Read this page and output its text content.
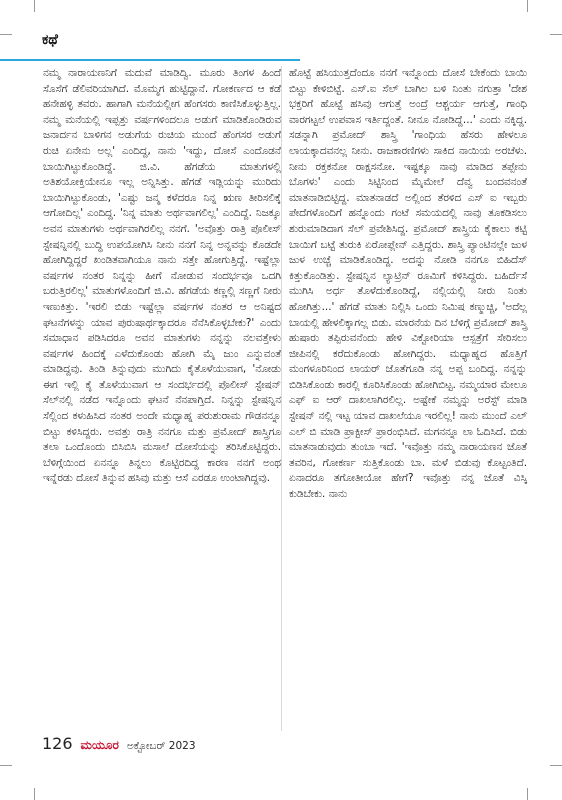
ಕಥೆ

ನಮ್ಮ ನಾರಾಯಣನಿಗೆ ಮದುವೆ ಮಾಡಿದ್ವಿ. ಮೂರು ತಿಂಗಳ ಹಿಂದೆ ಸೊಸೆಗೆ ಡೆಲಿವರಿಯಾಗಿದೆ. ಮೊಮ್ಮಗ ಹುಟ್ಟಿದ್ದಾನೆ. ಗೋಕರ್ಣದ ಆ ಕಡೆ ಹನೇಹಳ್ಳಿ ತವರು. ಹಾಗಾಗಿ ಮನೆಯಲ್ಲೀಗ ಹೆಂಗಸರು ಕಾಣಿಸಿಕೊಳ್ಳುತ್ತಿಲ್ಲ. ನಮ್ಮ ಮನೆಯಲ್ಲಿ ಇಪ್ಪತ್ತು ವರ್ಷಗಳಿಂದಲೂ ಅಡುಗೆ ಮಾಡಿಕೊಂಡಿರುವ ಜನಾರ್ದನ ಬಾಳಿಗನ ಅಡುಗೆಯ ರುಚಿಯ ಮುಂದೆ ಹೆಂಗಸರ ಅಡುಗೆ ರುಚಿ ಏನೇನು ಅಲ್ಲ' ಎಂದಿದ್ದ, ನಾನು 'ಇದ್ದು, ದೋಸೆ ಎಂದೊಡನೆ ಬಾಯಿಗಿಟ್ಟುಕೊಂಡಿದ್ದೆ. ಜಿ.ವಿ. ಹೆಗಡೆಯ ಮಾತುಗಳಲ್ಲಿ ಅತಿಶಯೋಕ್ತಿಯೇನೂ ಇಲ್ಲ ಅನ್ನಿಸಿತ್ತು. ಹೆಗಡೆ ಇಡ್ಲಿಯನ್ನು ಮುರಿದು ಬಾಯಿಗಿಟ್ಟುಕೊಂಡು, 'ಎಷ್ಟು ಜನ್ಮ ಕಳೆದರೂ ನಿನ್ನ ಋಣ ತೀರಿಸಲಿಕ್ಕೆ ಆಗೋದಿಲ್ಲ' ಎಂದಿದ್ದ. 'ನಿನ್ನ ಮಾತು ಅರ್ಥವಾಗಲಿಲ್ಲ' ಎಂದಿದ್ದೆ. ನಿಜಕ್ಕೂ ಅವನ ಮಾತುಗಳು ಅರ್ಥವಾಗಿರಲಿಲ್ಲ ನನಗೆ. 'ಅವೊತ್ತು ರಾತ್ರಿ ಪೊಲೀಸ್ ಸ್ಟೇಷನ್ನಿನಲ್ಲಿ ಬುದ್ಧಿ ಉಪಯೋಗಿಸಿ ನೀನು ನನಗೆ ನಿನ್ನ ಅನ್ನವನ್ನು ಕೊಡದೇ ಹೋಗಿದ್ದಿದ್ದರೆ ಖಂಡಿತವಾಗಿಯೂ ನಾನು ಸತ್ತೇ ಹೋಗುತ್ತಿದ್ದೆ. ಇಷ್ಟೆಲ್ಲಾ ವರ್ಷಗಳ ನಂತರ ನಿನ್ನನ್ನು ಹೀಗೆ ನೋಡುವ ಸಂದರ್ಭವೂ ಒದಗಿ ಬರುತ್ತಿರಲಿಲ್ಲ' ಮಾತುಗಳೊಂದಿಗೆ ಜಿ.ವಿ. ಹೆಗಡೆಯ ಕಣ್ಣಲ್ಲಿ ಸಣ್ಣಗೆ ನೀರು ಇಣುಕಿತ್ತು. 'ಇರಲಿ ಬಿಡು ಇಷ್ಟೆಲ್ಲಾ ವರ್ಷಗಳ ನಂತರ ಆ ಅನಿಷ್ಟದ ಘಟನೆಗಳನ್ನು ಯಾವ ಪುರುಷಾರ್ಥಕ್ಕಾದರೂ ನೆನೆಸಿಕೊಳ್ಳಬೇಕು?' ಎಂದು ಸಮಾಧಾನ ಪಡಿಸಿದರೂ ಅವನ ಮಾತುಗಳು ನನ್ನನ್ನು ನಲವತ್ತೇಳು ವರ್ಷಗಳ ಹಿಂದಕ್ಕೆ ಎಳೆದುಕೊಂಡು ಹೋಗಿ ಮೈ ಜುಂ ಎನ್ನುವಂತೆ ಮಾಡಿದ್ದವು. ತಿಂಡಿ ತಿನ್ನುವುದು ಮುಗಿದು ಕೈತೊಳೆಯುವಾಗ, 'ನೋಡು ಈಗ ಇಲ್ಲಿ ಕೈ ತೊಳೆಯುವಾಗ ಆ ಸಂದರ್ಭದಲ್ಲಿ ಪೊಲೀಸ್ ಸ್ಟೇಷನ್ ಸೆಲ್‌ನಲ್ಲಿ ನಡೆದ ಇನ್ನೊಂದು ಘಟನೆ ನೆನಪಾಗ್ತಿದೆ. ನಿನ್ನನ್ನು ಸ್ಟೇಷನ್ನಿನ ಸೆಲ್ಲಿಂದ ಕಳುಹಿಸಿದ ನಂತರ ಅಂದೇ ಮಧ್ಯಾಹ್ನ ಪರುಶುರಾಮ ಗೌಡನನ್ನೂ ಬಿಟ್ಟು ಕಳಿಸಿದ್ದರು. ಅವತ್ತು ರಾತ್ರಿ ನನಗೂ ಮತ್ತು ಪ್ರಮೋದ್ ಶಾಸ್ತ್ರಿಗೂ ತಲಾ ಒಂದೊಂದು ಬಿಸಿಬಿಸಿ ಮಸಾಲೆ ದೋಸೆಯನ್ನು ತರಿಸಿಕೊಟ್ಟಿದ್ದರು. ಬೆಳಿಗ್ಗೆಯಿಂದ ಏನನ್ನೂ ತಿನ್ನಲು ಕೊಟ್ಟಿರದಿದ್ದ ಕಾರಣ ನನಗೆ ಅಂಥ ಇನ್ನೆರಡು ದೋಸೆ ತಿನ್ನುವ ಹಸಿವು ಮತ್ತು ಆಸೆ ಎರಡೂ ಉಂಟಾಗಿದ್ದವು.

ಹೊಟ್ಟೆ ಹಸಿಯುತ್ತದೆಂದೂ ನನಗೆ ಇನ್ನೊಂದು ದೋಸೆ ಬೇಕೆಂದು ಬಾಯಿ ಬಿಟ್ಟು ಕೇಳಿಬಿಟ್ಟೆ. ಎಸ್.ಐ ಸೆಲ್ ಬಾಗಿಲ ಬಳಿ ನಿಂತು ನಗುತ್ತಾ 'ದೇಶ ಭಕ್ತರಿಗೆ ಹೊಟ್ಟೆ ಹಸಿವು ಆಗುತ್ತೆ ಅಂದ್ರೆ ಆಶ್ಚರ್ಯ ಆಗುತ್ತೆ, ಗಾಂಧಿ ವಾರಗಟ್ಟಲೆ ಉಪವಾಸ ಇರ್ತಿದ್ದಂತೆ. ನೀನೂ ನೋಡಿದ್ದೆ...' ಎಂದು ನಕ್ಕಿದ್ದ. ಸಡನ್ನಾಗಿ ಪ್ರಮೋದ್ ಶಾಸ್ತ್ರಿ 'ಗಾಂಧಿಯ ಹೆಸರು ಹೇಳಲೂ ಲಾಯಕ್ಕಾದವನಲ್ಲ ನೀನು. ರಾಜಕಾರಣಿಗಳು ಸಾಕಿದ ನಾಯಿಯ ಅರಚೆಳು. ನೀನು ರಕ್ತಕನೋ ರಾಕ್ಷಸನೋ. ಇಷ್ಟಕ್ಕೂ ನಾವು ಮಾಡಿದ ತಪ್ಪೇನು ಬೊಗಳು' ಎಂದು ಸಿಟ್ಟಿನಿಂದ ಮೈಮೇಲೆ ದೆವ್ವ ಬಂದವನಂತೆ ಮಾತನಾಡಿಬಿಟ್ಟಿದ್ದ. ಮಾತನಾಡದೆ ಅಲ್ಲಿಂದ ತೆರಳಿದ ಎಸ್ ಐ ಇಬ್ಬರು ಪೇದೆಗಳೊಂದಿಗೆ ಹನ್ನೊಂದು ಗಂಟೆ ಸಮಯದಲ್ಲಿ ನಾವು ತೂಕಡಿಸಲು ಶುರುಮಾಡಿದಾಗ ಸೆಲ್ ಪ್ರವೇಶಿಸಿದ್ದ. ಪ್ರಮೋದ್ ಶಾಸ್ತ್ರಿಯ ಕೈಕಾಲು ಕಟ್ಟಿ ಬಾಯಿಗೆ ಬಟ್ಟೆ ತುರುಕಿ ಏರೋಪ್ಲೇನ್ ಎತ್ತಿದ್ದರು. ಶಾಸ್ತ್ರಿ ಪ್ಯಾಂಟಿನಲ್ಲೇ ಜುಳ ಜುಳ ಉಚ್ಚೆ ಮಾಡಿಕೊಂಡಿದ್ದ. ಅದನ್ನು ನೋಡಿ ನನಗೂ ಬಿಹಿದೆಸ್ ಕಿತ್ತುಕೊಂಡಿತ್ತು. ಸ್ಟೇಷನ್ನಿನ ಲ್ಯಾಟ್ರಿನ್ ರೂಮಿಗೆ ಕಳಿಸಿದ್ದರು. ಬಹಿರ್ದೆಸೆ ಮುಗಿಸಿ ಅರ್ಧ ತೊಳೆದುಕೊಂಡಿದ್ದೆ, ನಲ್ಲಿಯಲ್ಲಿ ನೀರು ನಿಂತು ಹೋಗಿತ್ತು...' ಹೆಗಡೆ ಮಾತು ನಿಲ್ಲಿಸಿ ಒಂದು ನಿಮಿಷ ಕಣ್ಮುಚ್ಚಿ, 'ಅದೆಲ್ಲ ಬಾಯಲ್ಲಿ ಹೇಳಲಿಕ್ಕಾಗಲ್ಲ ಬಿಡು. ಮಾರನೆಯ ದಿನ ಬೆಳಿಗ್ಗೆ ಪ್ರಮೋದ್ ಶಾಸ್ತ್ರಿ ಹುಷಾರು ತಪ್ಪಿರುವನೆಂದು ಹೇಳಿ ವಿಕ್ಟೋರಿಯಾ ಆಸ್ಪತ್ರೆಗೆ ಸೇರಿಸಲು ಜೀಪಿನಲ್ಲಿ ಕರೆದುಕೊಂಡು ಹೋಗಿದ್ದರು. ಮಧ್ಯಾಹ್ನದ ಹೊತ್ತಿಗೆ ಮಂಗಳೂರಿನಿಂದ ಲಾಯರ್ ಜೊತೆಗೂಡಿ ನನ್ನ ಅಪ್ಪ ಬಂದಿದ್ದ. ನನ್ನನ್ನು ಬಿಡಿಸಿಕೊಂಡು ಕಾರಲ್ಲಿ ಕೂರಿಸಿಕೊಂಡು ಹೋಗಿಬಿಟ್ಟ. ನಮ್ಮಯಾರ ಮೇಲೂ ಎಫ್ ಐ ಆರ್ ದಾಖಲಾಗಿರಲಿಲ್ಲ. ಅಷ್ಟೇಕೆ ನಮ್ಮನ್ನು ಅರೆಸ್ಟ್ ಮಾಡಿ ಸ್ಟೇಷನ್ ನಲ್ಲಿ ಇಟ್ಟ ಯಾವ ದಾಖಲೆಯೂ ಇರಲಿಲ್ಲ! ನಾನು ಮುಂದೆ ಎಲ್ ಎಲ್ ಬಿ ಮಾಡಿ ಪ್ರಾಕ್ಟೀಸ್ ಪ್ರಾರಂಭಿಸಿದೆ. ಮಗನನ್ನೂ ಲಾ ಓದಿಸಿದೆ. ಬಿಡು ಮಾತನಾಡುವುದು ತುಂಬಾ ಇದೆ. 'ಇವೊತ್ತು ನಮ್ಮ ನಾರಾಯಣನ ಜೊತೆ ತವರಿನ, ಗೋಕರ್ಣ ಸುತ್ತಿಕೊಂಡು ಬಾ. ಮಳೆ ಬಿಡುವು ಕೊಟ್ಟಂತಿದೆ. ಏನಾದರೂ ತಗೋತೀಯೋ ಹೇಗೆ? ಇವೊತ್ತು ನನ್ನ ಜೊತೆ ವಿಸ್ಕಿ ಕುಡಿಬೇಕು. ನಾನು

126 ಮಯೂರ ಅಕ್ಟೋಬರ್ 2023
